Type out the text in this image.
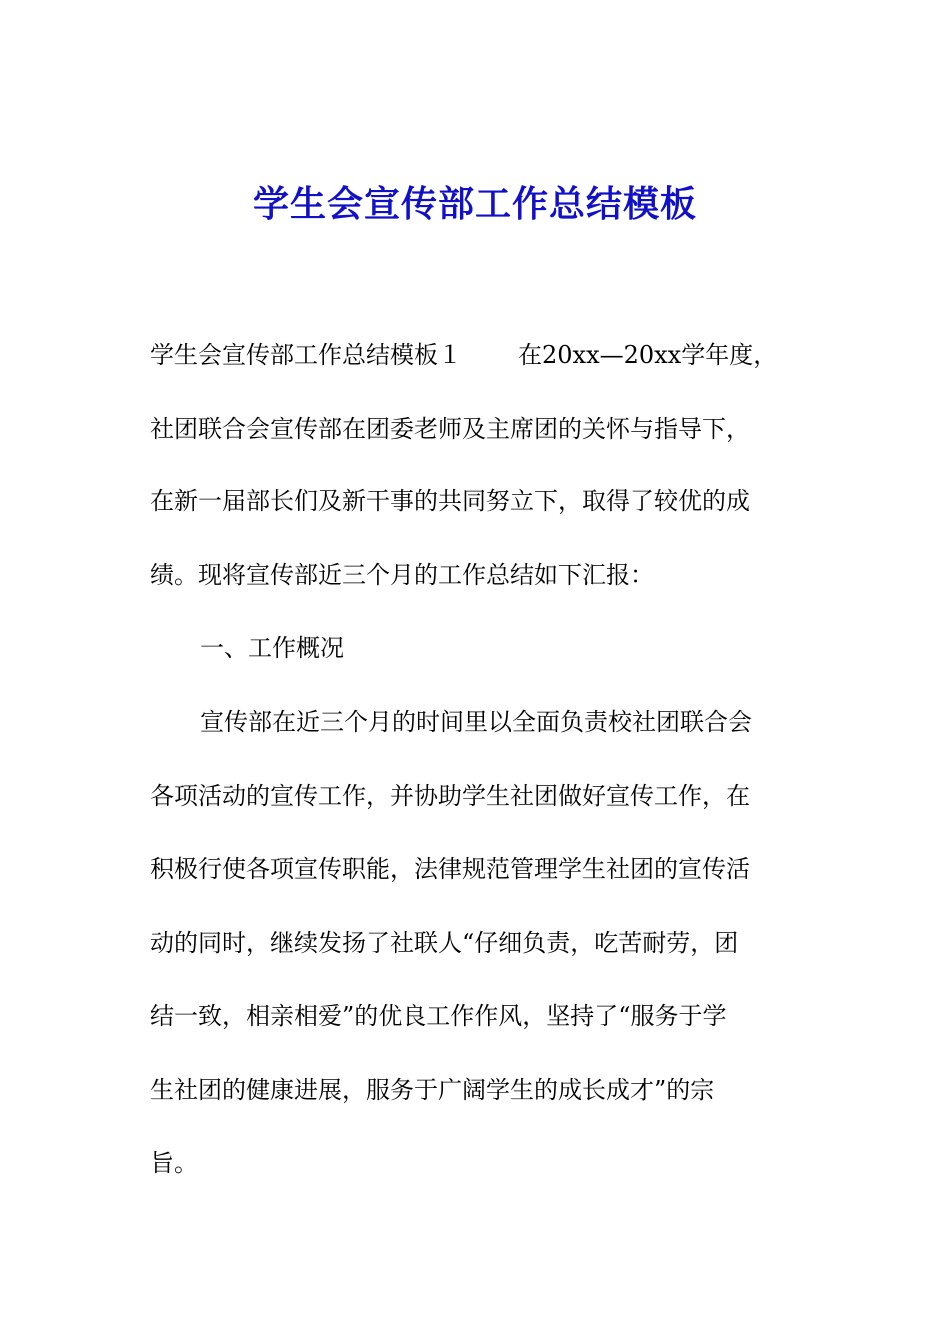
学生会宣传部工作总结模板
学生会宣传部工作总结模板１ 在20xx—20xx学年度，
社团联合会宣传部在团委老师及主席团的关怀与指导下，
在新一届部长们及新干事的共同努立下，取得了较优的成
绩。现将宣传部近三个月的工作总结如下汇报：
一、工作概况
宣传部在近三个月的时间里以全面负责校社团联合会
各项活动的宣传工作，并协助学生社团做好宣传工作，在
积极行使各项宣传职能，法律规范管理学生社团的宣传活
动的同时，继续发扬了社联人“仔细负责，吃苦耐劳，团
结一致，相亲相爱”的优良工作作风，坚持了“服务于学
生社团的健康进展，服务于广阔学生的成长成才”的宗
旨。
